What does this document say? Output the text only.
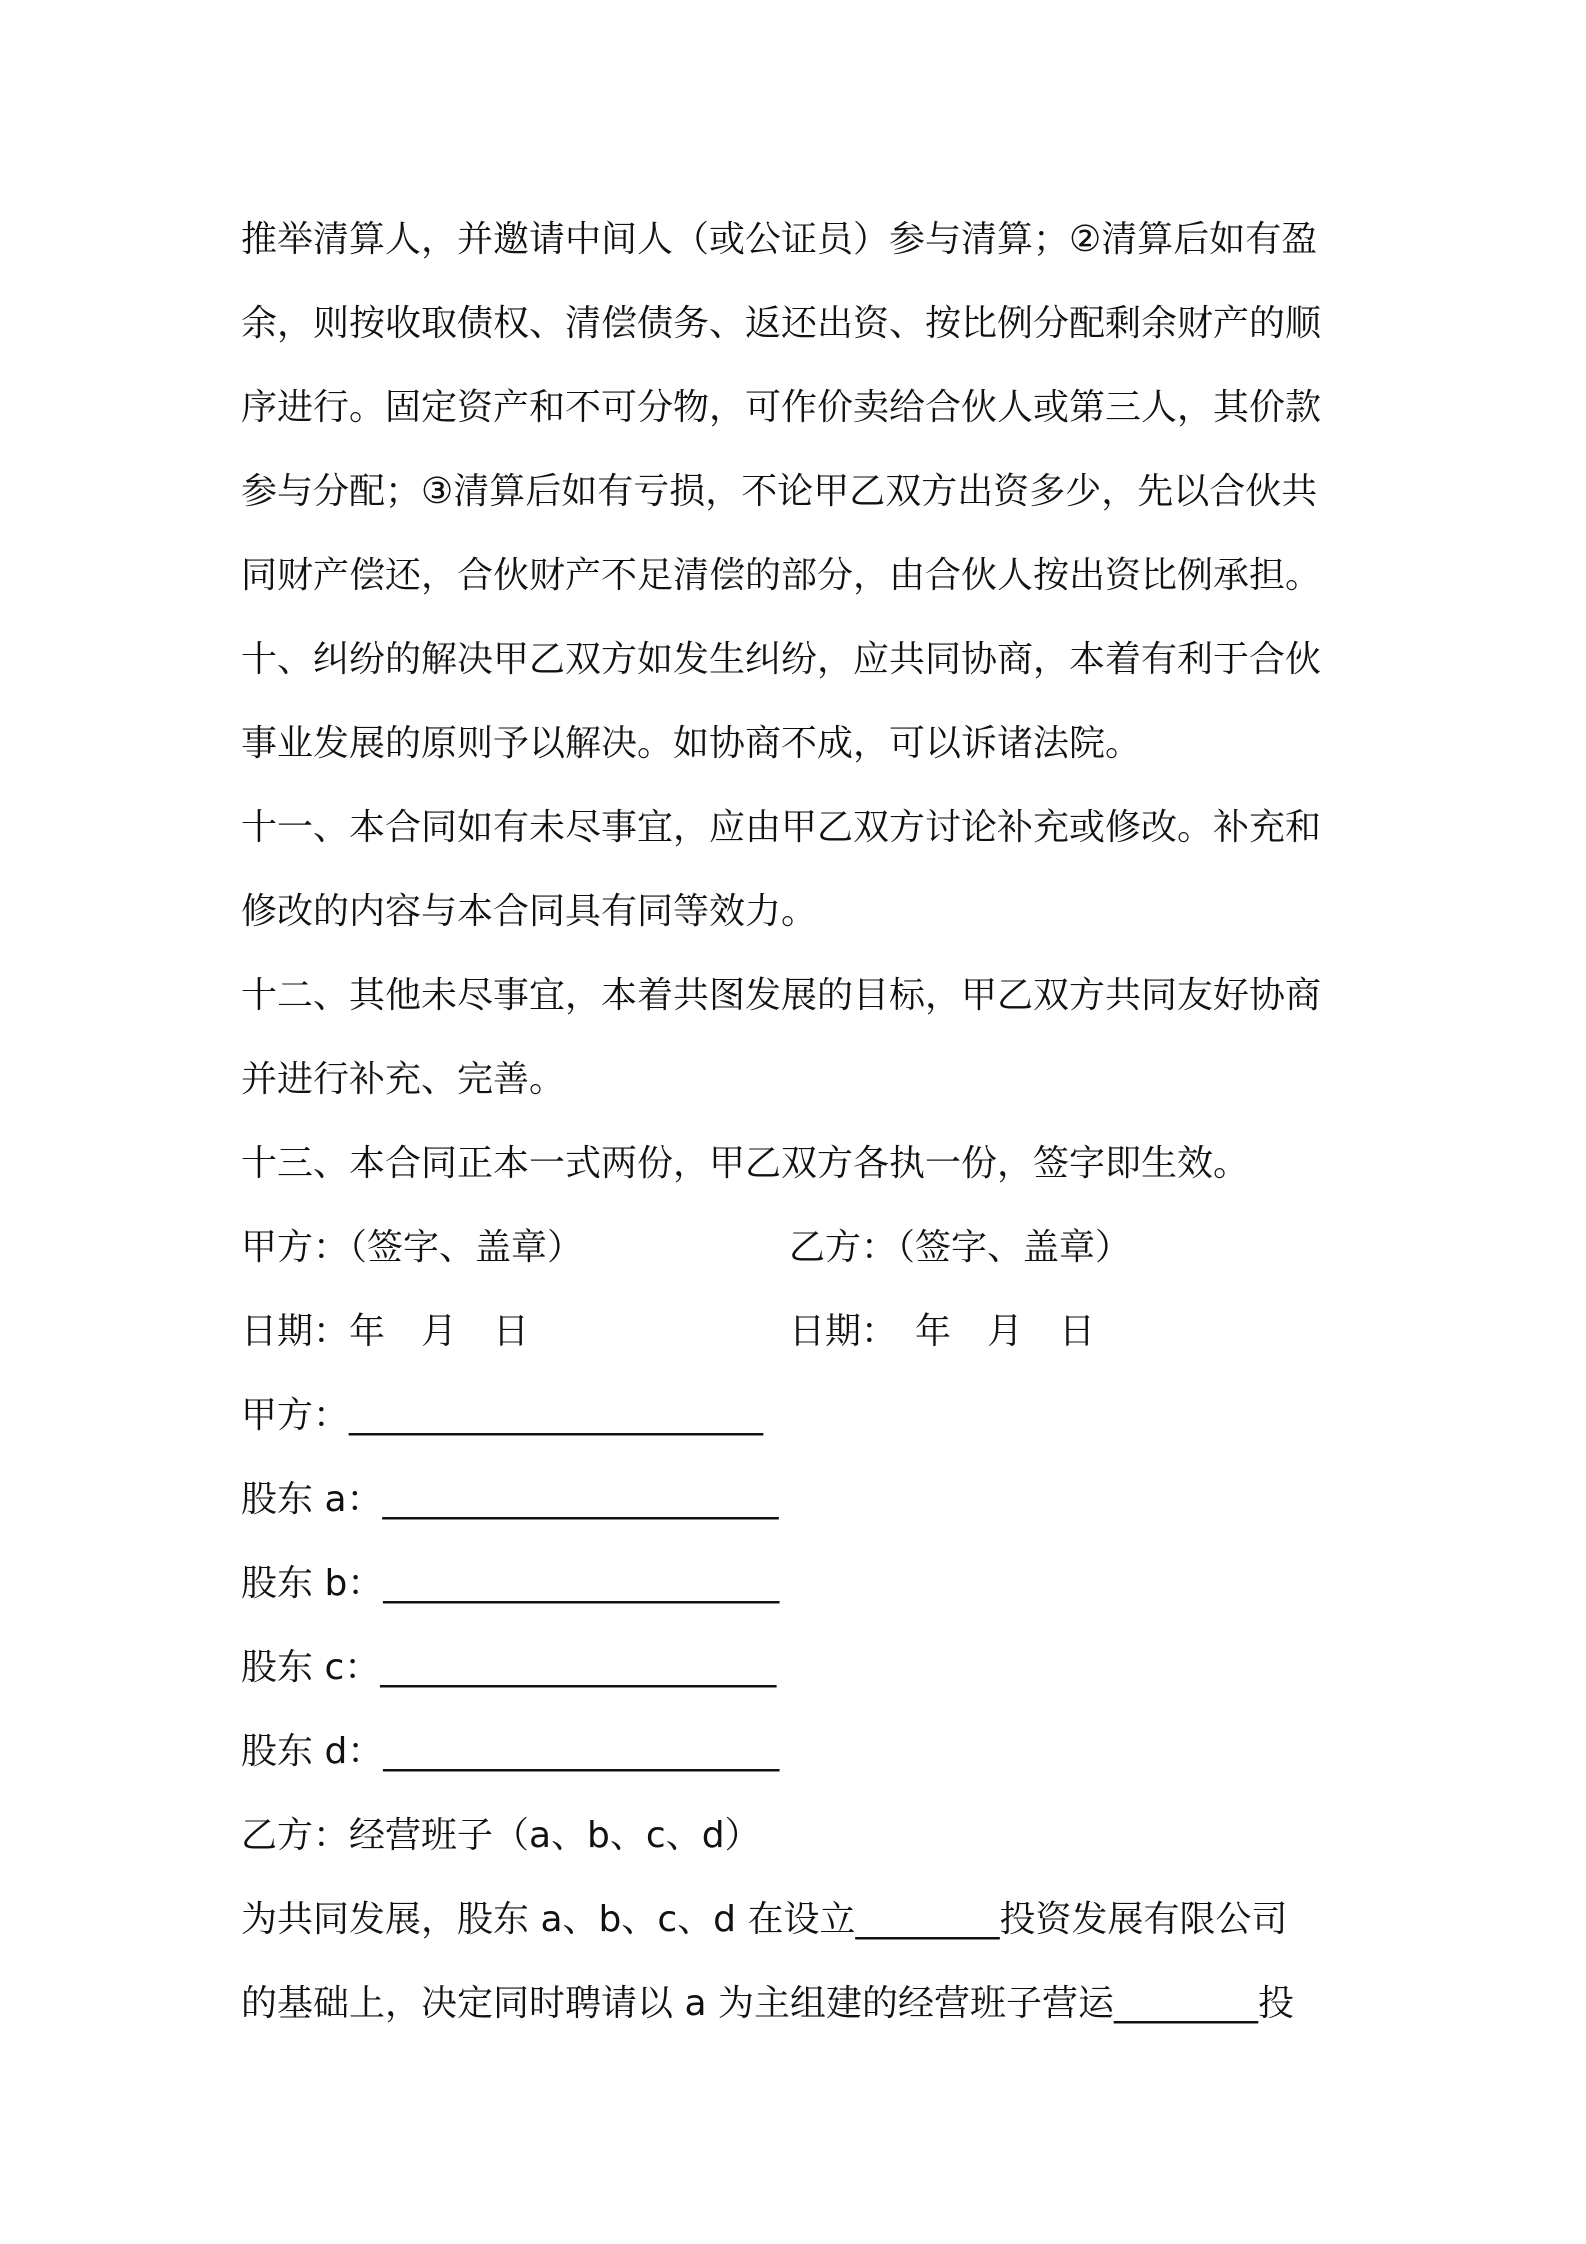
推举清算人，并邀请中间人（或公证员）参与清算；②清算后如有盈
余，则按收取债权、清偿债务、返还出资、按比例分配剩余财产的顺
序进行。固定资产和不可分物，可作价卖给合伙人或第三人，其价款
参与分配；③清算后如有亏损，不论甲乙双方出资多少，先以合伙共
同财产偿还，合伙财产不足清偿的部分，由合伙人按出资比例承担。
十、纠纷的解决甲乙双方如发生纠纷，应共同协商，本着有利于合伙
事业发展的原则予以解决。如协商不成，可以诉诸法院。
十一、本合同如有未尽事宜，应由甲乙双方讨论补充或修改。补充和
修改的内容与本合同具有同等效力。
十二、其他未尽事宜，本着共图发展的目标，甲乙双方共同友好协商
并进行补充、完善。
十三、本合同正本一式两份，甲乙双方各执一份，签字即生效。
甲方：（签字、盖章）	乙方：（签字、盖章）
日期：年　月　日	日期：　年　月　日
甲方：_______________________
股东 a：______________________
股东 b：______________________
股东 c：______________________
股东 d：______________________
乙方：经营班子（a、b、c、d）
为共同发展，股东 a、b、c、d 在设立________投资发展有限公司
的基础上，决定同时聘请以 a 为主组建的经营班子营运________投
